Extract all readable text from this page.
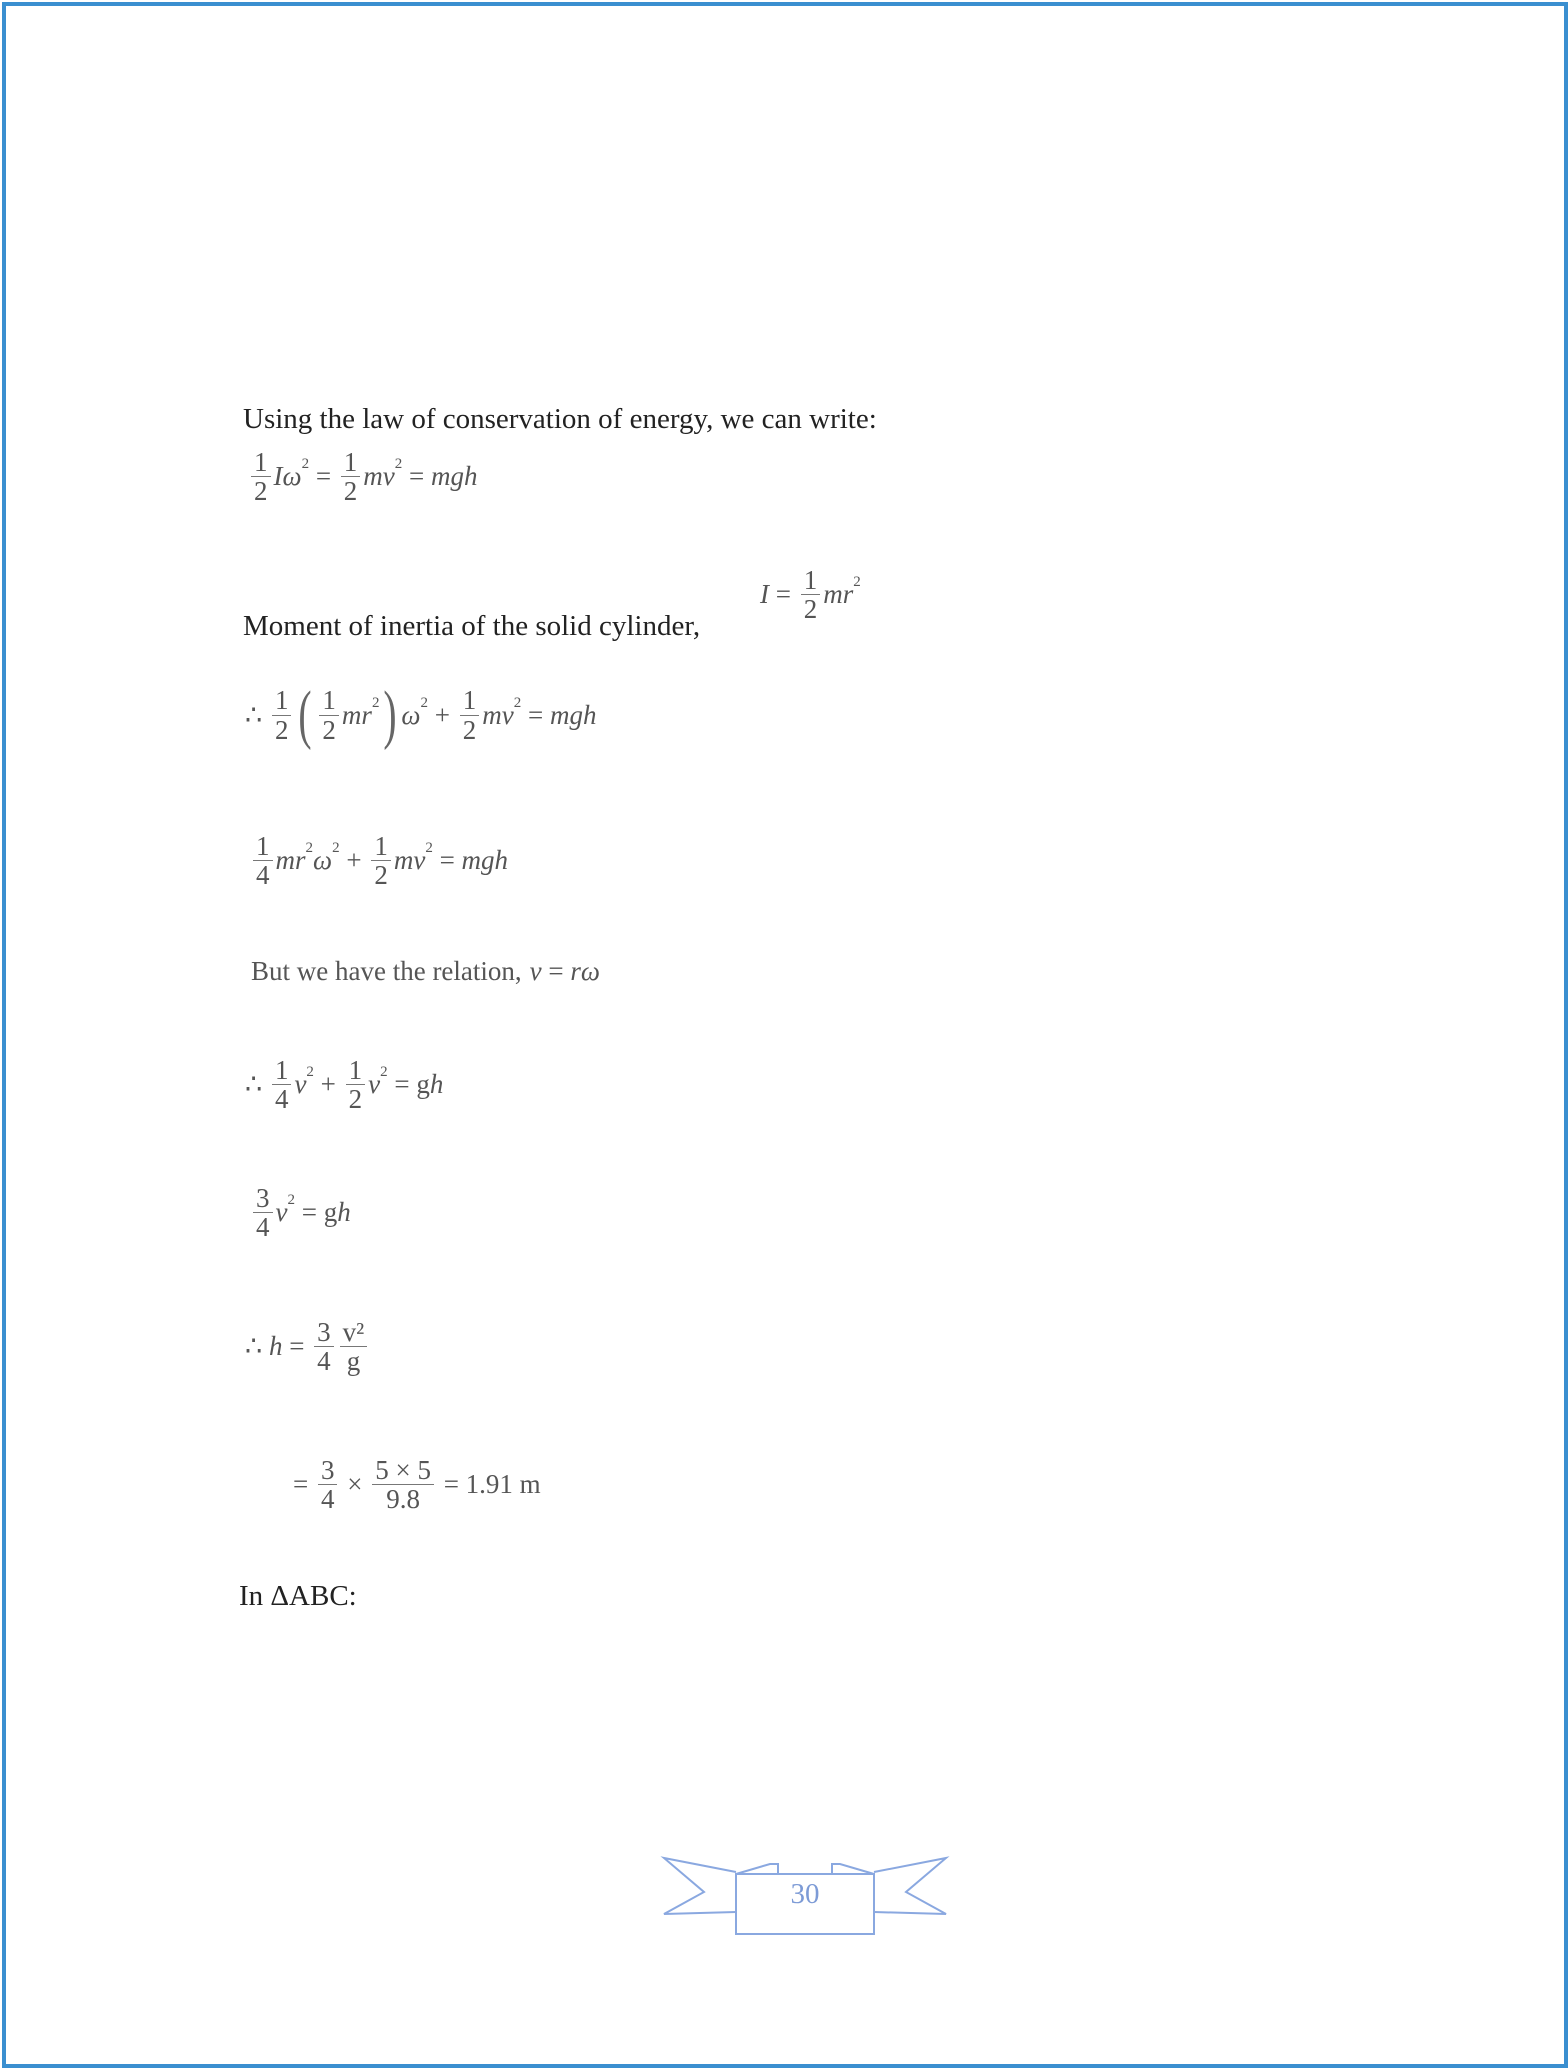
Using the law of conservation of energy, we can write:
$\frac{1}{2}$ Iω $2 = \frac{1}{2}$ mv 2 = mgh
Moment of inertia of the solid cylinder,
$I = \frac{1}{2}$ mr 2
∴ $\frac{1}{2}$ ( $\frac{1}{2}$ mr 2 ) ω $2 + \frac{1}{2}$ mv 2 = mgh
$\frac{1}{4}$ mr 2 ω $2 + \frac{1}{2}$ mv 2 = mgh
But we have the relation, v = rω
∴ $\frac{1}{4}$ v $2 + \frac{1}{2}$ v 2 = g h
$\frac{3}{4}$ v 2 = g h
∴ $h = \frac{3}{4} \frac{\text{v²}}{g}$
= $\frac{3}{4} \times \frac{5 \times 5}{9.8} = 1.91$ m
In ΔABC:
30
